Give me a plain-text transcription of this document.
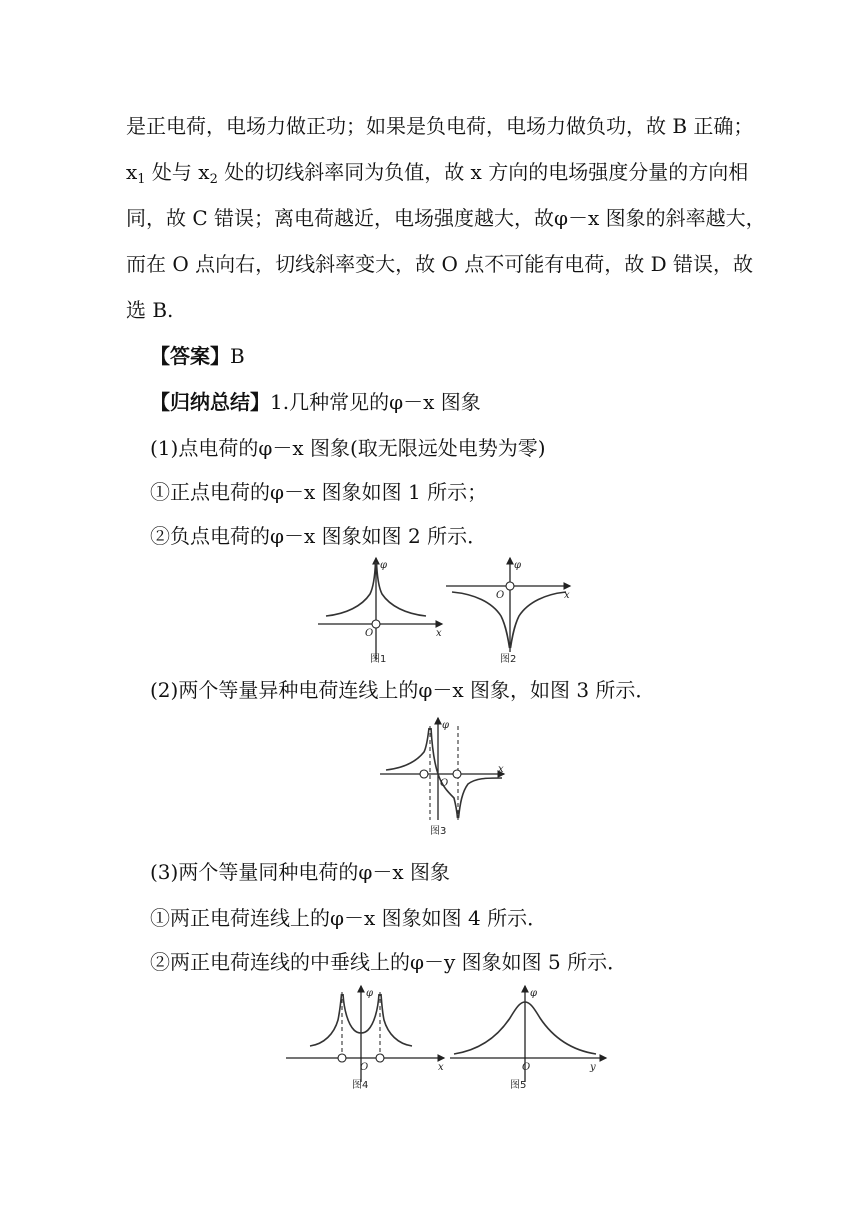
是正电荷，电场力做正功；如果是负电荷，电场力做负功，故 B 正确；
$x_1$ 处与 $x_2$ 处的切线斜率同为负值，故 x 方向的电场强度分量的方向相
同，故 C 错误；离电荷越近，电场强度越大，故φ－x 图象的斜率越大，
而在 O 点向右，切线斜率变大，故 O 点不可能有电荷，故 D 错误，故
选 B.
【答案】B
【归纳总结】1.几种常见的φ－x 图象
(1)点电荷的φ－x 图象(取无限远处电势为零)
①正点电荷的φ－x 图象如图 1 所示；
②负点电荷的φ－x 图象如图 2 所示．
φ
O	x
图1
φ
O	x
图2
(2)两个等量异种电荷连线上的φ－x 图象，如图 3 所示．
φ
O
x
图3
(3)两个等量同种电荷的φ－x 图象
①两正电荷连线上的φ－x 图象如图 4 所示．
②两正电荷连线的中垂线上的φ－y 图象如图 5 所示．
φ
O	x
图4
φ
O	y
图5
